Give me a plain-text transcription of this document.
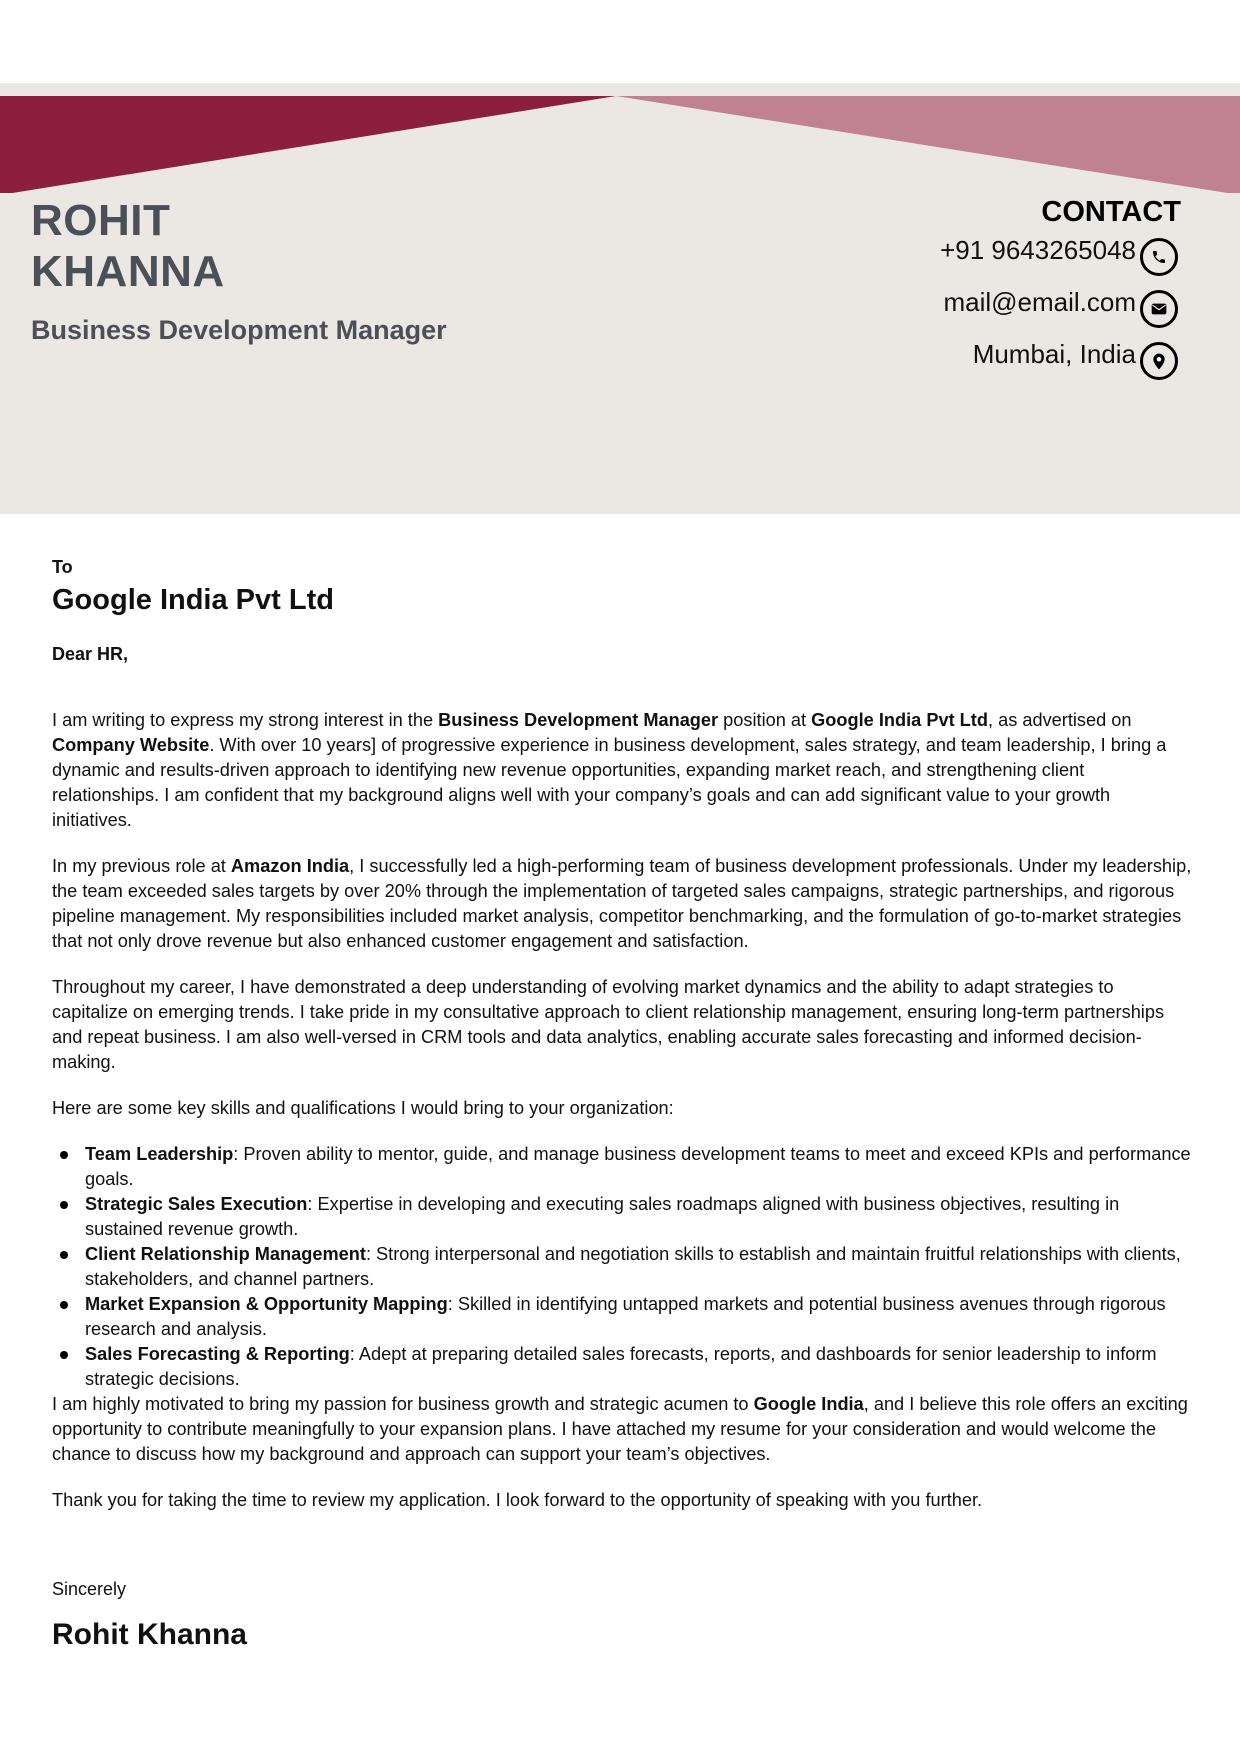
ROHIT
KHANNA
Business Development Manager
CONTACT
+91 9643265048
mail@email.com
Mumbai, India

To

Google India Pvt Ltd

Dear HR,

I am writing to express my strong interest in the Business Development Manager position at Google India Pvt Ltd, as advertised on Company Website. With over 10 years] of progressive experience in business development, sales strategy, and team leadership, I bring a dynamic and results-driven approach to identifying new revenue opportunities, expanding market reach, and strengthening client relationships. I am confident that my background aligns well with your company’s goals and can add significant value to your growth initiatives.

In my previous role at Amazon India, I successfully led a high-performing team of business development professionals. Under my leadership, the team exceeded sales targets by over 20% through the implementation of targeted sales campaigns, strategic partnerships, and rigorous pipeline management. My responsibilities included market analysis, competitor benchmarking, and the formulation of go-to-market strategies that not only drove revenue but also enhanced customer engagement and satisfaction.

Throughout my career, I have demonstrated a deep understanding of evolving market dynamics and the ability to adapt strategies to capitalize on emerging trends. I take pride in my consultative approach to client relationship management, ensuring long-term partnerships and repeat business. I am also well-versed in CRM tools and data analytics, enabling accurate sales forecasting and informed decision-making.

Here are some key skills and qualifications I would bring to your organization:

Team Leadership: Proven ability to mentor, guide, and manage business development teams to meet and exceed KPIs and performance goals.
Strategic Sales Execution: Expertise in developing and executing sales roadmaps aligned with business objectives, resulting in sustained revenue growth.
Client Relationship Management: Strong interpersonal and negotiation skills to establish and maintain fruitful relationships with clients, stakeholders, and channel partners.
Market Expansion & Opportunity Mapping: Skilled in identifying untapped markets and potential business avenues through rigorous research and analysis.
Sales Forecasting & Reporting: Adept at preparing detailed sales forecasts, reports, and dashboards for senior leadership to inform strategic decisions.

I am highly motivated to bring my passion for business growth and strategic acumen to Google India, and I believe this role offers an exciting opportunity to contribute meaningfully to your expansion plans. I have attached my resume for your consideration and would welcome the chance to discuss how my background and approach can support your team’s objectives.

Thank you for taking the time to review my application. I look forward to the opportunity of speaking with you further.

Sincerely

Rohit Khanna
